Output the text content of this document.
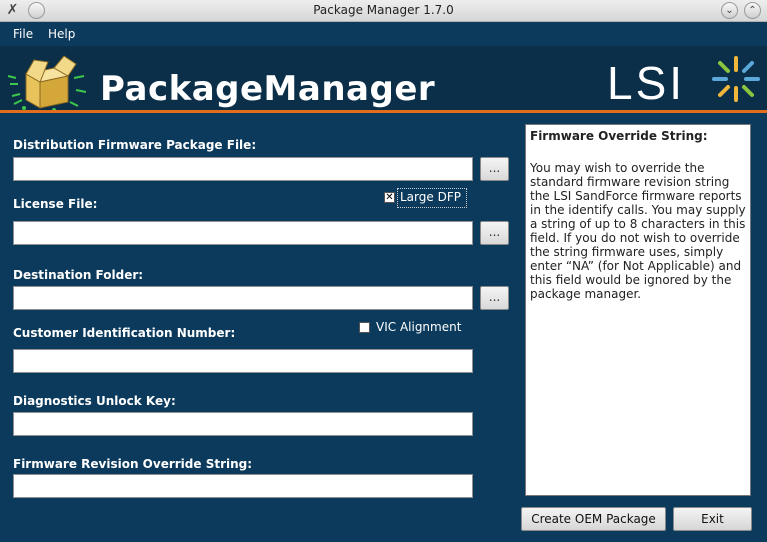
✗	Package Manager 1.7.0	⌄	⌃
File Help
PackageManager	LSI
Distribution Firmware Package File:
...
✕ Large DFP
License File:
...
Destination Folder:
...
VIC Alignment
Customer Identification Number:
Diagnostics Unlock Key:
Firmware Revision Override String:
Firmware Override String:

You may wish to override the standard firmware revision string the LSI SandForce firmware reports in the identify calls. You may supply a string of up to 8 characters in this field. If you do not wish to override the string firmware uses, simply enter “NA” (for Not Applicable) and this field would be ignored by the package manager.

Create OEM Package	Exit
